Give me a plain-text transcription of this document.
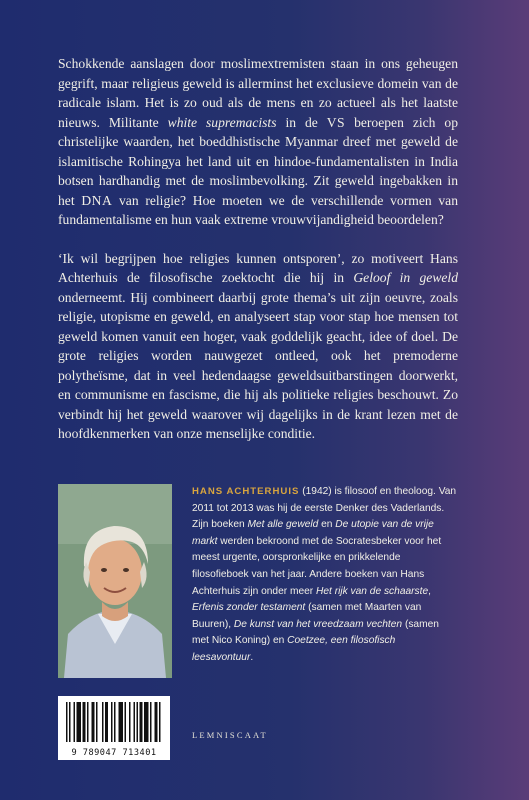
Schokkende aanslagen door moslimextremisten staan in ons geheugen gegrift, maar religieus geweld is allerminst het exclusieve domein van de radicale islam. Het is zo oud als de mens en zo actueel als het laatste nieuws. Militante white supremacists in de VS beroepen zich op christelijke waarden, het boeddhistische Myanmar dreef met geweld de islamitische Rohingya het land uit en hindoe-fundamentalisten in India botsen hardhandig met de moslimbevolking. Zit geweld ingebakken in het DNA van religie? Hoe moeten we de verschillende vormen van fundamentalisme en hun vaak extreme vrouwvijandigheid beoordelen?

‘Ik wil begrijpen hoe religies kunnen ontsporen’, zo motiveert Hans Achterhuis de filosofische zoektocht die hij in Geloof in geweld onderneemt. Hij combineert daarbij grote thema’s uit zijn oeuvre, zoals religie, utopisme en geweld, en analyseert stap voor stap hoe mensen tot geweld komen vanuit een hoger, vaak goddelijk geacht, idee of doel. De grote religies worden nauwgezet ontleed, ook het premoderne polytheïsme, dat in veel hedendaagse geweldsuitbarstingen doorwerkt, en communisme en fascisme, die hij als politieke religies beschouwt. Zo verbindt hij het geweld waarover wij dagelijks in de krant lezen met de hoofdkenmerken van onze menselijke conditie.

HANS ACHTERHUIS (1942) is filosoof en theoloog. Van 2011 tot 2013 was hij de eerste Denker des Vaderlands. Zijn boeken Met alle geweld en De utopie van de vrije markt werden bekroond met de Socratesbeker voor het meest urgente, oorspronkelijke en prikkelende filosofieboek van het jaar. Andere boeken van Hans Achterhuis zijn onder meer Het rijk van de schaarste, Erfenis zonder testament (samen met Maarten van Buuren), De kunst van het vreedzaam vechten (samen met Nico Koning) en Coetzee, een filosofisch leesavontuur.
9 789047 713401
LEMNISCAAT
